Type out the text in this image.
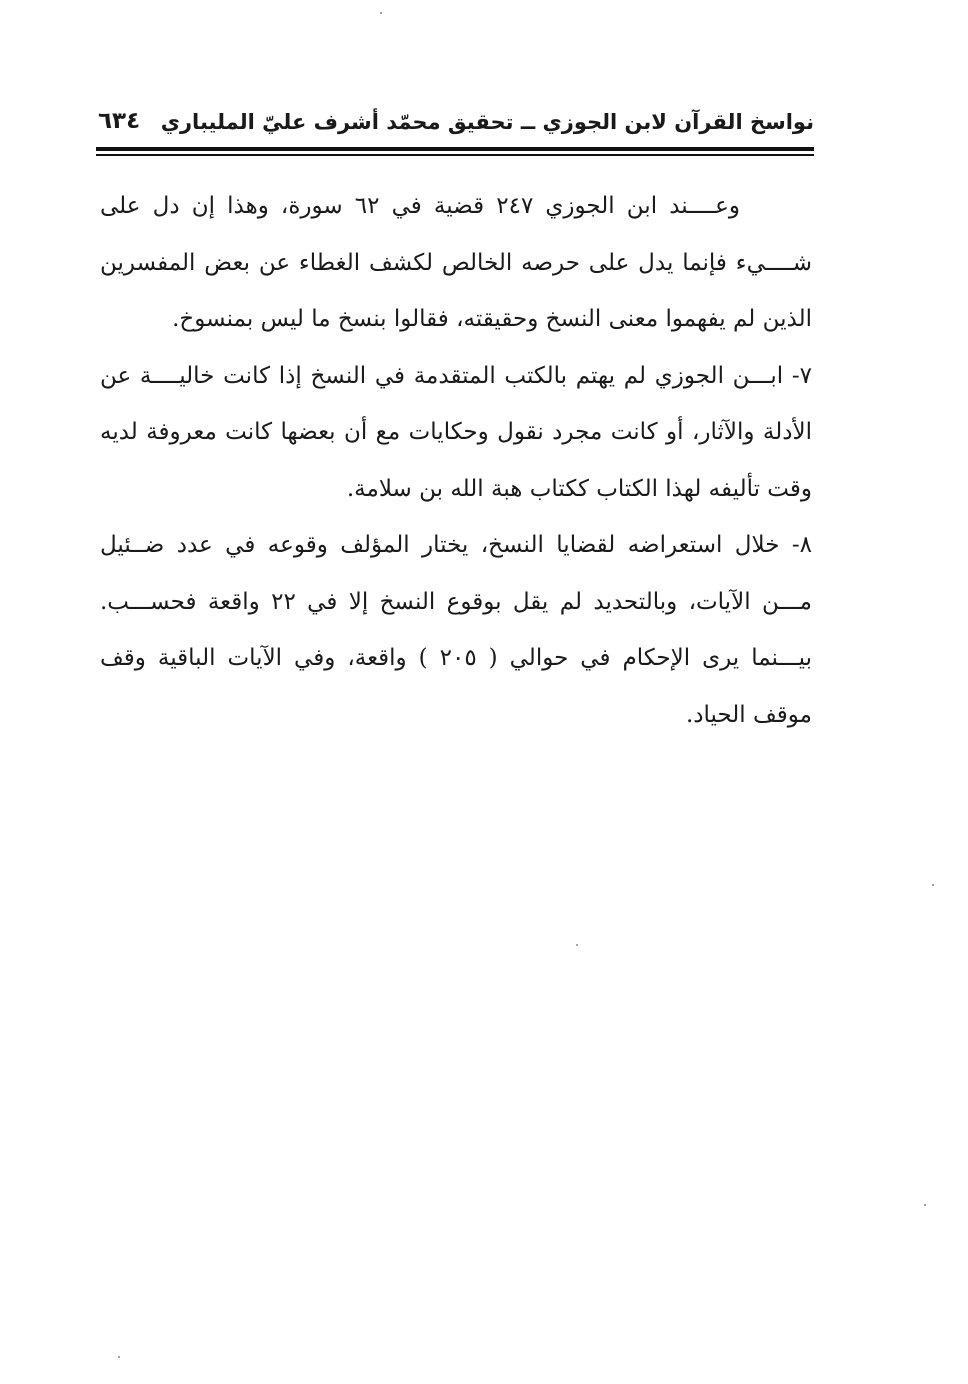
نواسخ القرآن لابن الجوزي ــ تحقيق محمّد أشرف عليّ المليباري
٦٣٤

وعــــند ابن الجوزي ٢٤٧ قضية في ٦٢ سورة، وهذا إن دل على شــــيء فإنما يدل على حرصه الخالص لكشف الغطاء عن بعض المفسرين الذين لم يفهموا معنى النسخ وحقيقته، فقالوا بنسخ ما ليس بمنسوخ.

٧- ابـــن الجوزي لم يهتم بالكتب المتقدمة في النسخ إذا كانت خاليــــة عن الأدلة والآثار، أو كانت مجرد نقول وحكايات مع أن بعضها كانت معروفة لديه وقت تأليفه لهذا الكتاب ككتاب هبة الله بن سلامة.

٨- خلال استعراضه لقضايا النسخ، يختار المؤلف وقوعه في عدد ضــئيل مـــن الآيات، وبالتحديد لم يقل بوقوع النسخ إلا في ٢٢ واقعة فحســـب. بيـــنما يرى الإحكام في حوالي ( ٢٠٥ ) واقعة، وفي الآيات الباقية وقف موقف الحياد.
